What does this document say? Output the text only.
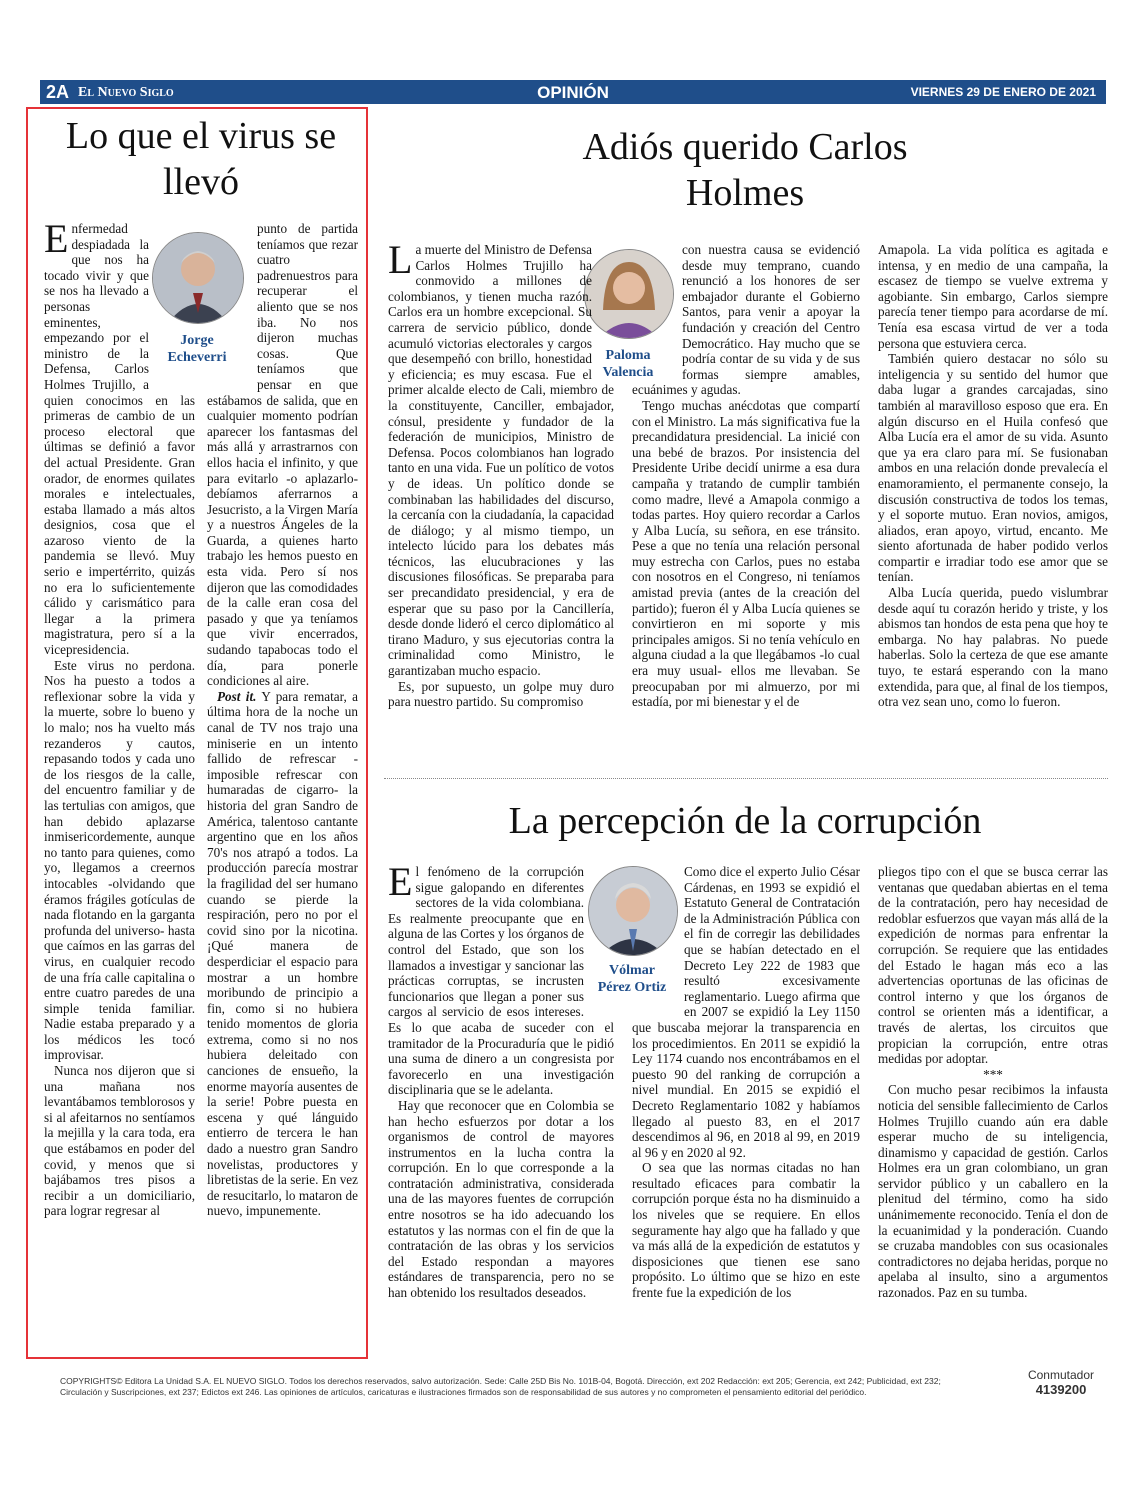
2A El Nuevo Siglo	OPINIÓN	VIERNES 29 DE ENERO DE 2021
Lo que el virus se llevó
Jorge
Echeverri

Enfermedad despiadada la que nos ha tocado vivir y que se nos ha llevado a personas eminentes, empezando por el ministro de la Defensa, Carlos Holmes Trujillo, a quien conocimos en las primeras de cambio de un proceso electoral que últimas se definió a favor del actual Presidente. Gran orador, de enormes quilates morales e intelectuales, estaba llamado a más altos designios, cosa que el azaroso viento de la pandemia se llevó. Muy serio e impertérrito, quizás no era lo suficientemente cálido y carismático para llegar a la primera magistratura, pero sí a la vicepresidencia.

Este virus no perdona. Nos ha puesto a todos a reflexionar sobre la vida y la muerte, sobre lo bueno y lo malo; nos ha vuelto más rezanderos y cautos, repasando todos y cada uno de los riesgos de la calle, del encuentro familiar y de las tertulias con amigos, que han debido aplazarse inmisericordemente, aunque no tanto para quienes, como yo, llegamos a creernos intocables -olvidando que éramos frágiles gotículas de nada flotando en la garganta profunda del universo- hasta que caímos en las garras del virus, en cualquier recodo de una fría calle capitalina o entre cuatro paredes de una simple tenida familiar. Nadie estaba preparado y a los médicos les tocó improvisar.

Nunca nos dijeron que si una mañana nos levantábamos temblorosos y si al afeitarnos no sentíamos la mejilla y la cara toda, era que estábamos en poder del covid, y menos que si bajábamos tres pisos a recibir a un domiciliario, para lograr regresar al

punto de partida teníamos que rezar cuatro padrenuestros para recuperar el aliento que se nos iba. No nos dijeron muchas cosas. Que teníamos que pensar en que estábamos de salida, que en cualquier momento podrían aparecer los fantasmas del más allá y arrastrarnos con ellos hacia el infinito, y que para evitarlo -o aplazarlo- debíamos aferrarnos a Jesucristo, a la Virgen María y a nuestros Ángeles de la Guarda, a quienes harto trabajo les hemos puesto en esta vida. Pero sí nos dijeron que las comodidades de la calle eran cosa del pasado y que ya teníamos que vivir encerrados, sudando tapabocas todo el día, para ponerle condiciones al aire.

Post it. Y para rematar, a última hora de la noche un canal de TV nos trajo una miniserie en un intento fallido de refrescar -imposible refrescar con humaradas de cigarro- la historia del gran Sandro de América, talentoso cantante argentino que en los años 70's nos atrapó a todos. La producción parecía mostrar la fragilidad del ser humano cuando se pierde la respiración, pero no por el covid sino por la nicotina. ¡Qué manera de desperdiciar el espacio para mostrar a un hombre moribundo de principio a fin, como si no hubiera tenido momentos de gloria extrema, como si no nos hubiera deleitado con canciones de ensueño, la enorme mayoría ausentes de la serie! Pobre puesta en escena y qué lánguido entierro de tercera le han dado a nuestro gran Sandro novelistas, productores y libretistas de la serie. En vez de resucitarlo, lo mataron de nuevo, impunemente.

Adiós querido Carlos Holmes
Paloma
Valencia

La muerte del Ministro de Defensa Carlos Holmes Trujillo ha conmovido a millones de colombianos, y tienen mucha razón. Carlos era un hombre excepcional. Su carrera de servicio público, donde acumuló victorias electorales y cargos que desempeñó con brillo, honestidad y eficiencia; es muy escasa. Fue el primer alcalde electo de Cali, miembro de la constituyente, Canciller, embajador, cónsul, presidente y fundador de la federación de municipios, Ministro de Defensa. Pocos colombianos han logrado tanto en una vida. Fue un político de votos y de ideas. Un político donde se combinaban las habilidades del discurso, la cercanía con la ciudadanía, la capacidad de diálogo; y al mismo tiempo, un intelecto lúcido para los debates más técnicos, las elucubraciones y las discusiones filosóficas. Se preparaba para ser precandidato presidencial, y era de esperar que su paso por la Cancillería, desde donde lideró el cerco diplomático al tirano Maduro, y sus ejecutorias contra la criminalidad como Ministro, le garantizaban mucho espacio.

Es, por supuesto, un golpe muy duro para nuestro partido. Su compromiso

con nuestra causa se evidenció desde muy temprano, cuando renunció a los honores de ser embajador durante el Gobierno Santos, para venir a apoyar la fundación y creación del Centro Democrático. Hay mucho que se podría contar de su vida y de sus formas siempre amables, ecuánimes y agudas.

Tengo muchas anécdotas que compartí con el Ministro. La más significativa fue la precandidatura presidencial. La inicié con una bebé de brazos. Por insistencia del Presidente Uribe decidí unirme a esa dura campaña y tratando de cumplir también como madre, llevé a Amapola conmigo a todas partes. Hoy quiero recordar a Carlos y Alba Lucía, su señora, en ese tránsito. Pese a que no tenía una relación personal muy estrecha con Carlos, pues no estaba con nosotros en el Congreso, ni teníamos amistad previa (antes de la creación del partido); fueron él y Alba Lucía quienes se convirtieron en mi soporte y mis principales amigos. Si no tenía vehículo en alguna ciudad a la que llegábamos -lo cual era muy usual- ellos me llevaban. Se preocupaban por mi almuerzo, por mi estadía, por mi bienestar y el de

Amapola. La vida política es agitada e intensa, y en medio de una campaña, la escasez de tiempo se vuelve extrema y agobiante. Sin embargo, Carlos siempre parecía tener tiempo para acordarse de mí. Tenía esa escasa virtud de ver a toda persona que estuviera cerca.

También quiero destacar no sólo su inteligencia y su sentido del humor que daba lugar a grandes carcajadas, sino también al maravilloso esposo que era. En algún discurso en el Huila confesó que Alba Lucía era el amor de su vida. Asunto que ya era claro para mí. Se fusionaban ambos en una relación donde prevalecía el enamoramiento, el permanente consejo, la discusión constructiva de todos los temas, y el soporte mutuo. Eran novios, amigos, aliados, eran apoyo, virtud, encanto. Me siento afortunada de haber podido verlos compartir e irradiar todo ese amor que se tenían.

Alba Lucía querida, puedo vislumbrar desde aquí tu corazón herido y triste, y los abismos tan hondos de esta pena que hoy te embarga. No hay palabras. No puede haberlas. Solo la certeza de que ese amante tuyo, te estará esperando con la mano extendida, para que, al final de los tiempos, otra vez sean uno, como lo fueron.

La percepción de la corrupción
Vólmar
Pérez Ortiz

El fenómeno de la corrupción sigue galopando en diferentes sectores de la vida colombiana. Es realmente preocupante que en alguna de las Cortes y los órganos de control del Estado, que son los llamados a investigar y sancionar las prácticas corruptas, se incrusten funcionarios que llegan a poner sus cargos al servicio de esos intereses. Es lo que acaba de suceder con el tramitador de la Procuraduría que le pidió una suma de dinero a un congresista por favorecerlo en una investigación disciplinaria que se le adelanta.

Hay que reconocer que en Colombia se han hecho esfuerzos por dotar a los organismos de control de mayores instrumentos en la lucha contra la corrupción. En lo que corresponde a la contratación administrativa, considerada una de las mayores fuentes de corrupción entre nosotros se ha ido adecuando los estatutos y las normas con el fin de que la contratación de las obras y los servicios del Estado respondan a mayores estándares de transparencia, pero no se han obtenido los resultados deseados.

Como dice el experto Julio César Cárdenas, en 1993 se expidió el Estatuto General de Contratación de la Administración Pública con el fin de corregir las debilidades que se habían detectado en el Decreto Ley 222 de 1983 que resultó excesivamente reglamentario. Luego afirma que en 2007 se expidió la Ley 1150 que buscaba mejorar la transparencia en los procedimientos. En 2011 se expidió la Ley 1174 cuando nos encontrábamos en el puesto 90 del ranking de corrupción a nivel mundial. En 2015 se expidió el Decreto Reglamentario 1082 y habíamos llegado al puesto 83, en el 2017 descendimos al 96, en 2018 al 99, en 2019 al 96 y en 2020 al 92.

O sea que las normas citadas no han resultado eficaces para combatir la corrupción porque ésta no ha disminuido a los niveles que se requiere. En ellos seguramente hay algo que ha fallado y que va más allá de la expedición de estatutos y disposiciones que tienen ese sano propósito. Lo último que se hizo en este frente fue la expedición de los

pliegos tipo con el que se busca cerrar las ventanas que quedaban abiertas en el tema de la contratación, pero hay necesidad de redoblar esfuerzos que vayan más allá de la expedición de normas para enfrentar la corrupción. Se requiere que las entidades del Estado le hagan más eco a las advertencias oportunas de las oficinas de control interno y que los órganos de control se orienten más a identificar, a través de alertas, los circuitos que propician la corrupción, entre otras medidas por adoptar.

***

Con mucho pesar recibimos la infausta noticia del sensible fallecimiento de Carlos Holmes Trujillo cuando aún era dable esperar mucho de su inteligencia, dinamismo y capacidad de gestión. Carlos Holmes era un gran colombiano, un gran servidor público y un caballero en la plenitud del término, como ha sido unánimemente reconocido. Tenía el don de la ecuanimidad y la ponderación. Cuando se cruzaba mandobles con sus ocasionales contradictores no dejaba heridas, porque no apelaba al insulto, sino a argumentos razonados. Paz en su tumba.

COPYRIGHTS© Editora La Unidad S.A. EL NUEVO SIGLO. Todos los derechos reservados, salvo autorización. Sede: Calle 25D Bis No. 101B-04, Bogotá. Dirección, ext 202 Redacción: ext 205; Gerencia, ext 242; Publicidad, ext 232;
Circulación y Suscripciones, ext 237; Edictos ext 246. Las opiniones de artículos, caricaturas e ilustraciones firmados son de responsabilidad de sus autores y no comprometen el pensamiento editorial del periódico.
Conmutador
4139200
